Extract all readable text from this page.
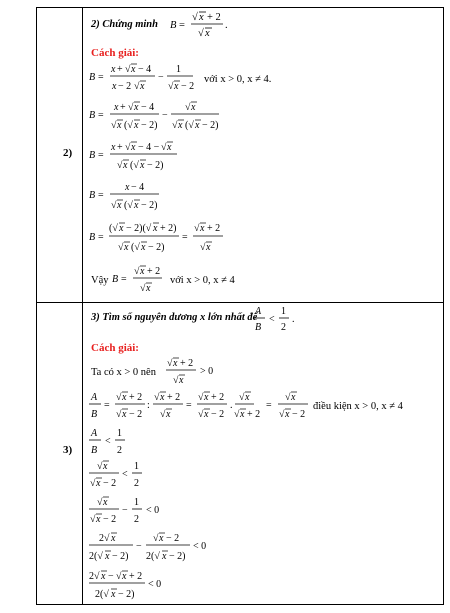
2)
2) Chứng minh B =
√ x + 2
√ x
.
Cách giải:
B =
x + √ x − 4
x − 2 √ x
−
1
√ x − 2
với x > 0, x ≠ 4.
B =
x + √ x − 4
√ x (√ x − 2)
−
√ x
√ x (√ x − 2)
B =
x + √ x − 4 − √ x
√ x (√ x − 2)
B =
x − 4
√ x (√ x − 2)
B =
(√ x − 2)(√ x + 2)
√ x (√ x − 2)
=
√ x + 2
√ x
Vậy B =
√ x + 2
√ x
với x > 0, x ≠ 4
3)
3) Tìm số nguyên dương x lớn nhất để
A
B
<
1
2
.
Cách giải:
Ta có x > 0 nên
√ x + 2
√ x
> 0
A
B
=
√ x + 2
√ x − 2
:
√ x + 2
√ x
=
√ x + 2
√ x − 2
.
√ x
√ x + 2
=
√ x
√ x − 2
điều kiện x > 0, x ≠ 4
A
B
<
1
2
√ x
√ x − 2
<
1
2
√ x
√ x − 2
−
1
2
< 0
2√ x
2(√ x − 2)
−
√ x − 2
2(√ x − 2)
< 0
2√ x − √ x + 2
2(√ x − 2)
< 0
